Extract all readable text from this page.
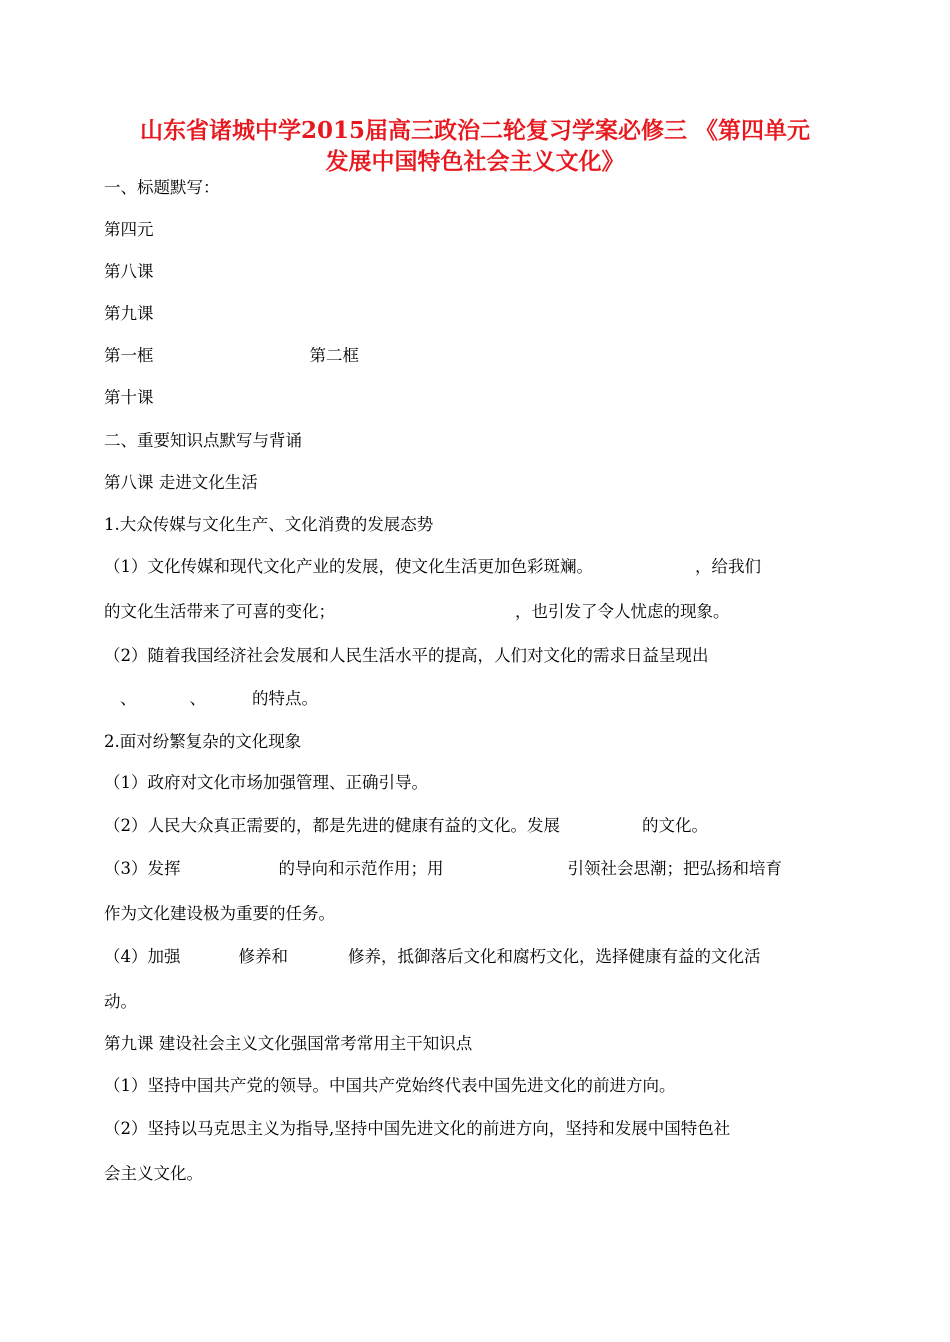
山东省诸城中学2015届高三政治二轮复习学案必修三 《第四单元
发展中国特色社会主义文化》
一、标题默写：
第四元
第八课
第九课
第一框	第二框
第十课
二、重要知识点默写与背诵
第八课 走进文化生活
1.大众传媒与文化生产、文化消费的发展态势
（1）文化传媒和现代文化产业的发展，使文化生活更加色彩斑斓。	，给我们
的文化生活带来了可喜的变化；	，也引发了令人忧虑的现象。
（2）随着我国经济社会发展和人民生活水平的提高，人们对文化的需求日益呈现出
、	、	的特点。
2.面对纷繁复杂的文化现象
（1）政府对文化市场加强管理、正确引导。
（2）人民大众真正需要的，都是先进的健康有益的文化。发展	的文化。
（3）发挥	的导向和示范作用；用	引领社会思潮；把弘扬和培育
作为文化建设极为重要的任务。
（4）加强	修养和	修养，抵御落后文化和腐朽文化，选择健康有益的文化活
动。
第九课 建设社会主义文化强国常考常用主干知识点
（1）坚持中国共产党的领导。中国共产党始终代表中国先进文化的前进方向。
（2）坚持以马克思主义为指导,坚持中国先进文化的前进方向，坚持和发展中国特色社
会主义文化。
